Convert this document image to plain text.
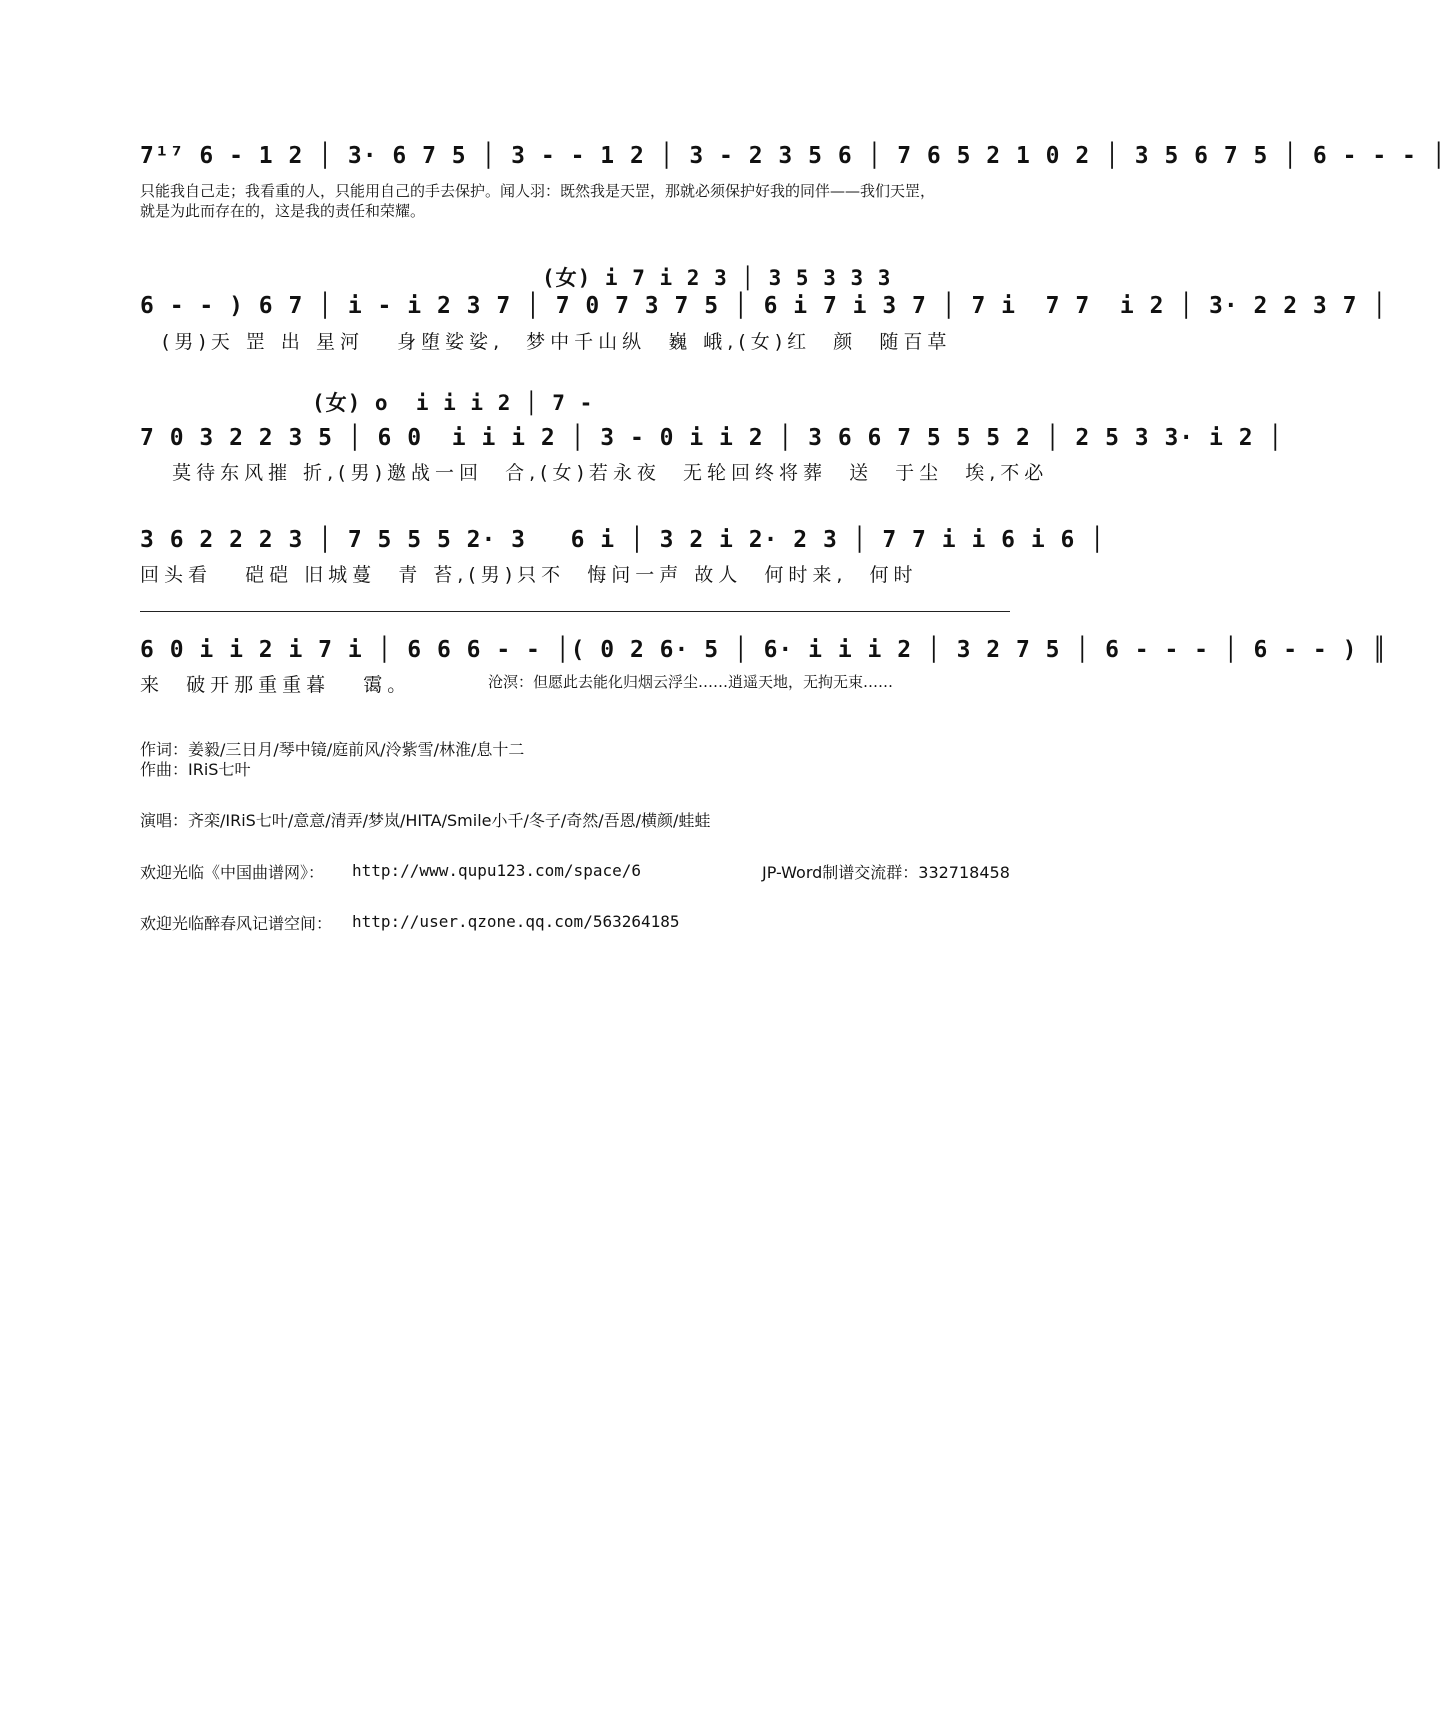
7¹⁷ 6 - 1 2 │ 3· 6 7 5 │ 3 - - 1 2 │ 3 - 2 3 5 6 │ 7 6 5 2 1 0 2 │ 3 5 6 7 5 │ 6 - - - │
只能我自己走；我看重的人，只能用自己的手去保护。闻人羽：既然我是天罡，那就必须保护好我的同伴——我们天罡，
就是为此而存在的，这是我的责任和荣耀。
(女) i 7 i 2 3 │ 3 5 3 3 3
6 - - ) 6 7 │ i - i 2 3 7 │ 7 0 7 3 7 5 │ 6 i 7 i 3 7 │ 7 i  7 7  i 2 │ 3· 2 2 3 7 │
(男)天 罡 出 星河   身堕娑娑,  梦中千山纵  巍 峨,(女)红  颜  随百草
(女) o  i i i 2 │ 7 -
7 0 3 2 2 3 5 │ 6 0  i i i 2 │ 3 - 0 i i 2 │ 3 6 6 7 5 5 5 2 │ 2 5 3 3· i 2 │
莫待东风摧 折,(男)邀战一回  合,(女)若永夜  无轮回终将葬  送  于尘  埃,不必
3 6 2 2 2 3 │ 7 5 5 5 2· 3   6 i │ 3 2 i 2· 2 3 │ 7 7 i i 6 i 6 │
回头看   硙硙 旧城蔓  青 苔,(男)只不  悔问一声 故人  何时来,  何时
6 0 i i 2 i 7 i │ 6 6 6 - - │( 0 2 6· 5 │ 6· i i i 2 │ 3 2 7 5 │ 6 - - - │ 6 - - ) ║
来  破开那重重暮   霭。	沧溟：但愿此去能化归烟云浮尘……逍遥天地，无拘无束……
作词：姜毅/三日月/琴中镜/庭前风/泠紫雪/林淮/息十二
作曲：IRiS七叶
演唱：齐栾/IRiS七叶/意意/清弄/梦岚/HITA/Smile小千/冬子/奇然/吾恩/横颜/蛙蛙
欢迎光临《中国曲谱网》： http://www.qupu123.com/space/6	JP-Word制谱交流群：332718458
欢迎光临醉春风记谱空间： http://user.qzone.qq.com/563264185
